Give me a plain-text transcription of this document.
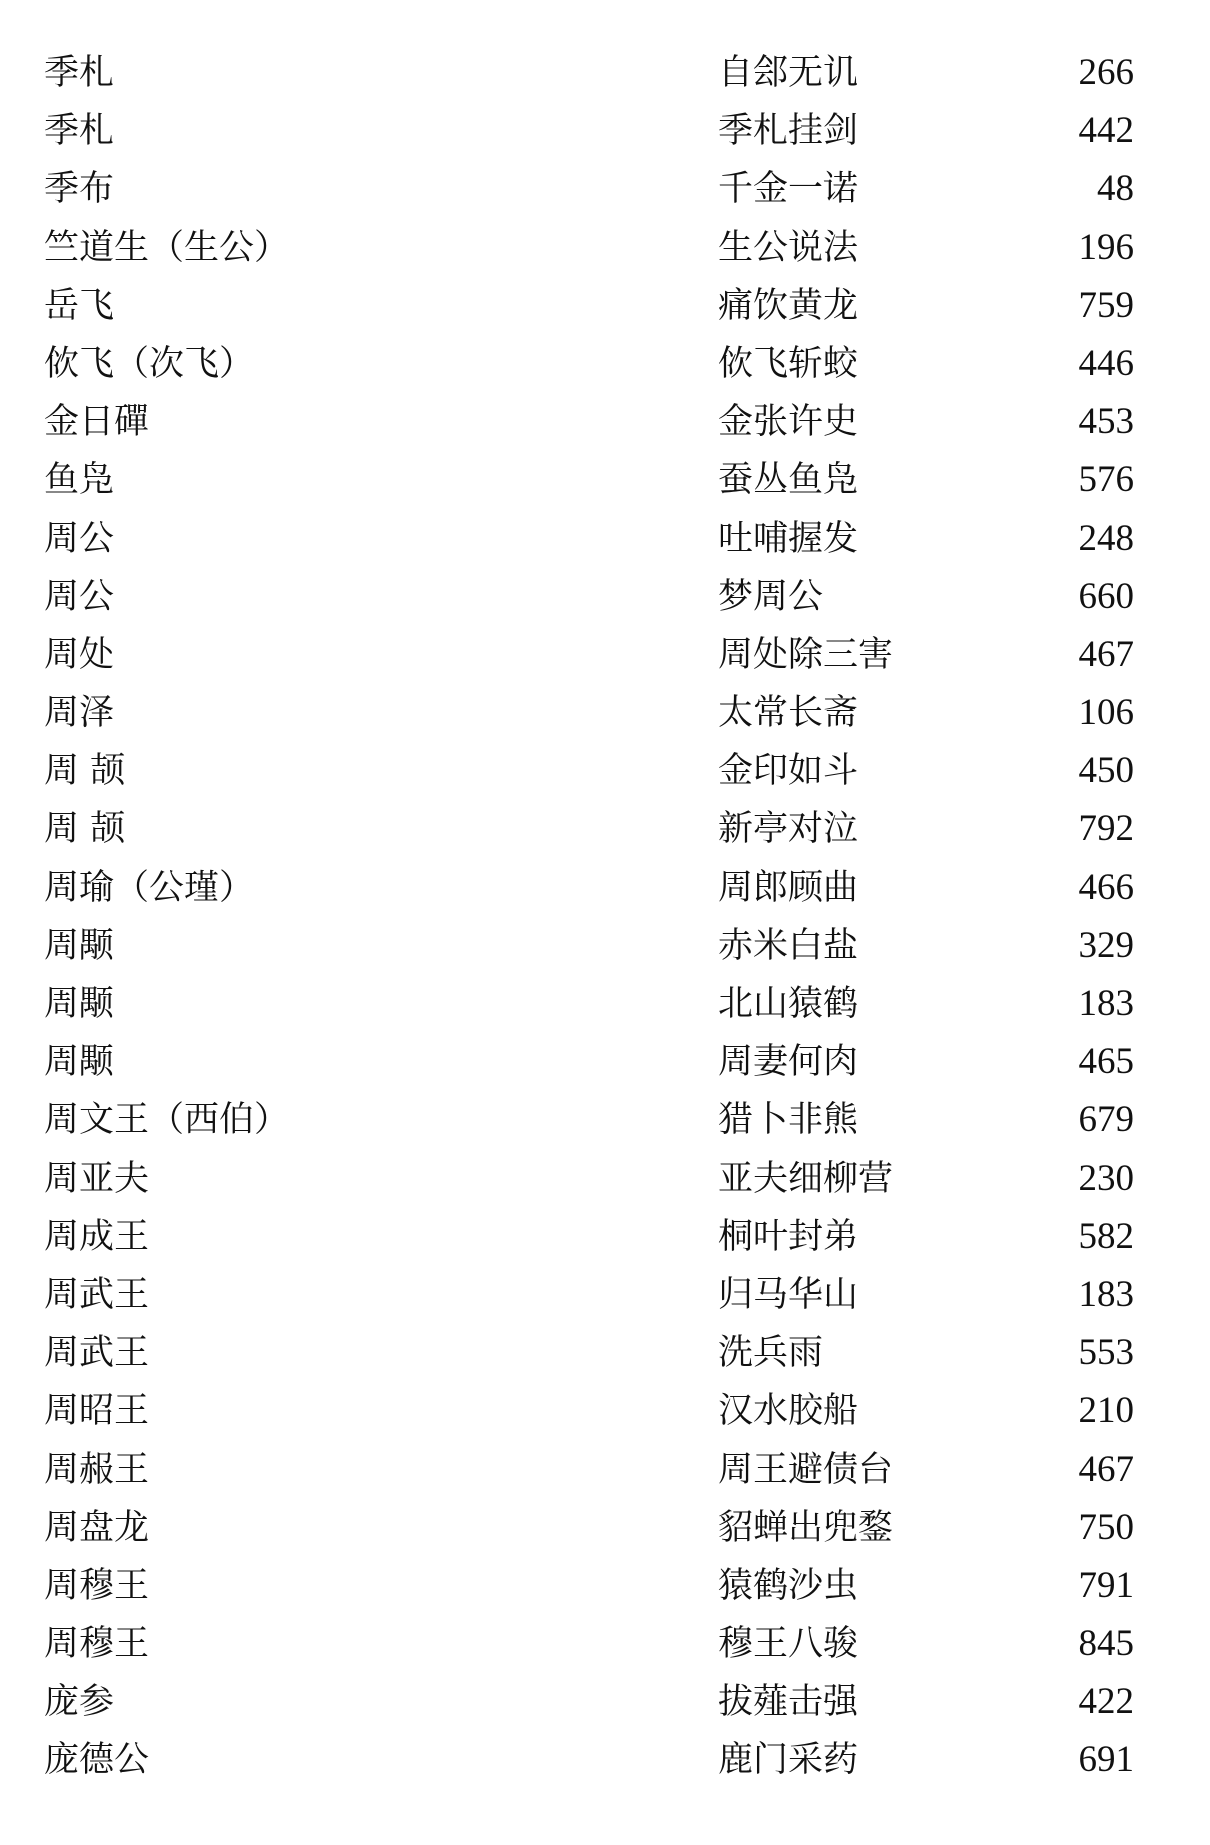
季札	自郐无讥	266
季札	季札挂剑	442
季布	千金一诺	48
竺道生（生公）	生公说法	196
岳飞	痛饮黄龙	759
佽飞（次飞）	佽飞斩蛟	446
金日磾	金张许史	453
鱼凫	蚕丛鱼凫	576
周公	吐哺握发	248
周公	梦周公	660
周处	周处除三害	467
周泽	太常长斋	106
周 颉	金印如斗	450
周 颉	新亭对泣	792
周瑜（公瑾）	周郎顾曲	466
周颙	赤米白盐	329
周颙	北山猿鹤	183
周颙	周妻何肉	465
周文王（西伯）	猎卜非熊	679
周亚夫	亚夫细柳营	230
周成王	桐叶封弟	582
周武王	归马华山	183
周武王	洗兵雨	553
周昭王	汉水胶船	210
周赧王	周王避债台	467
周盘龙	貂蝉出兜鍪	750
周穆王	猿鹤沙虫	791
周穆王	穆王八骏	845
庞参	拔薤击强	422
庞德公	鹿门采药	691
